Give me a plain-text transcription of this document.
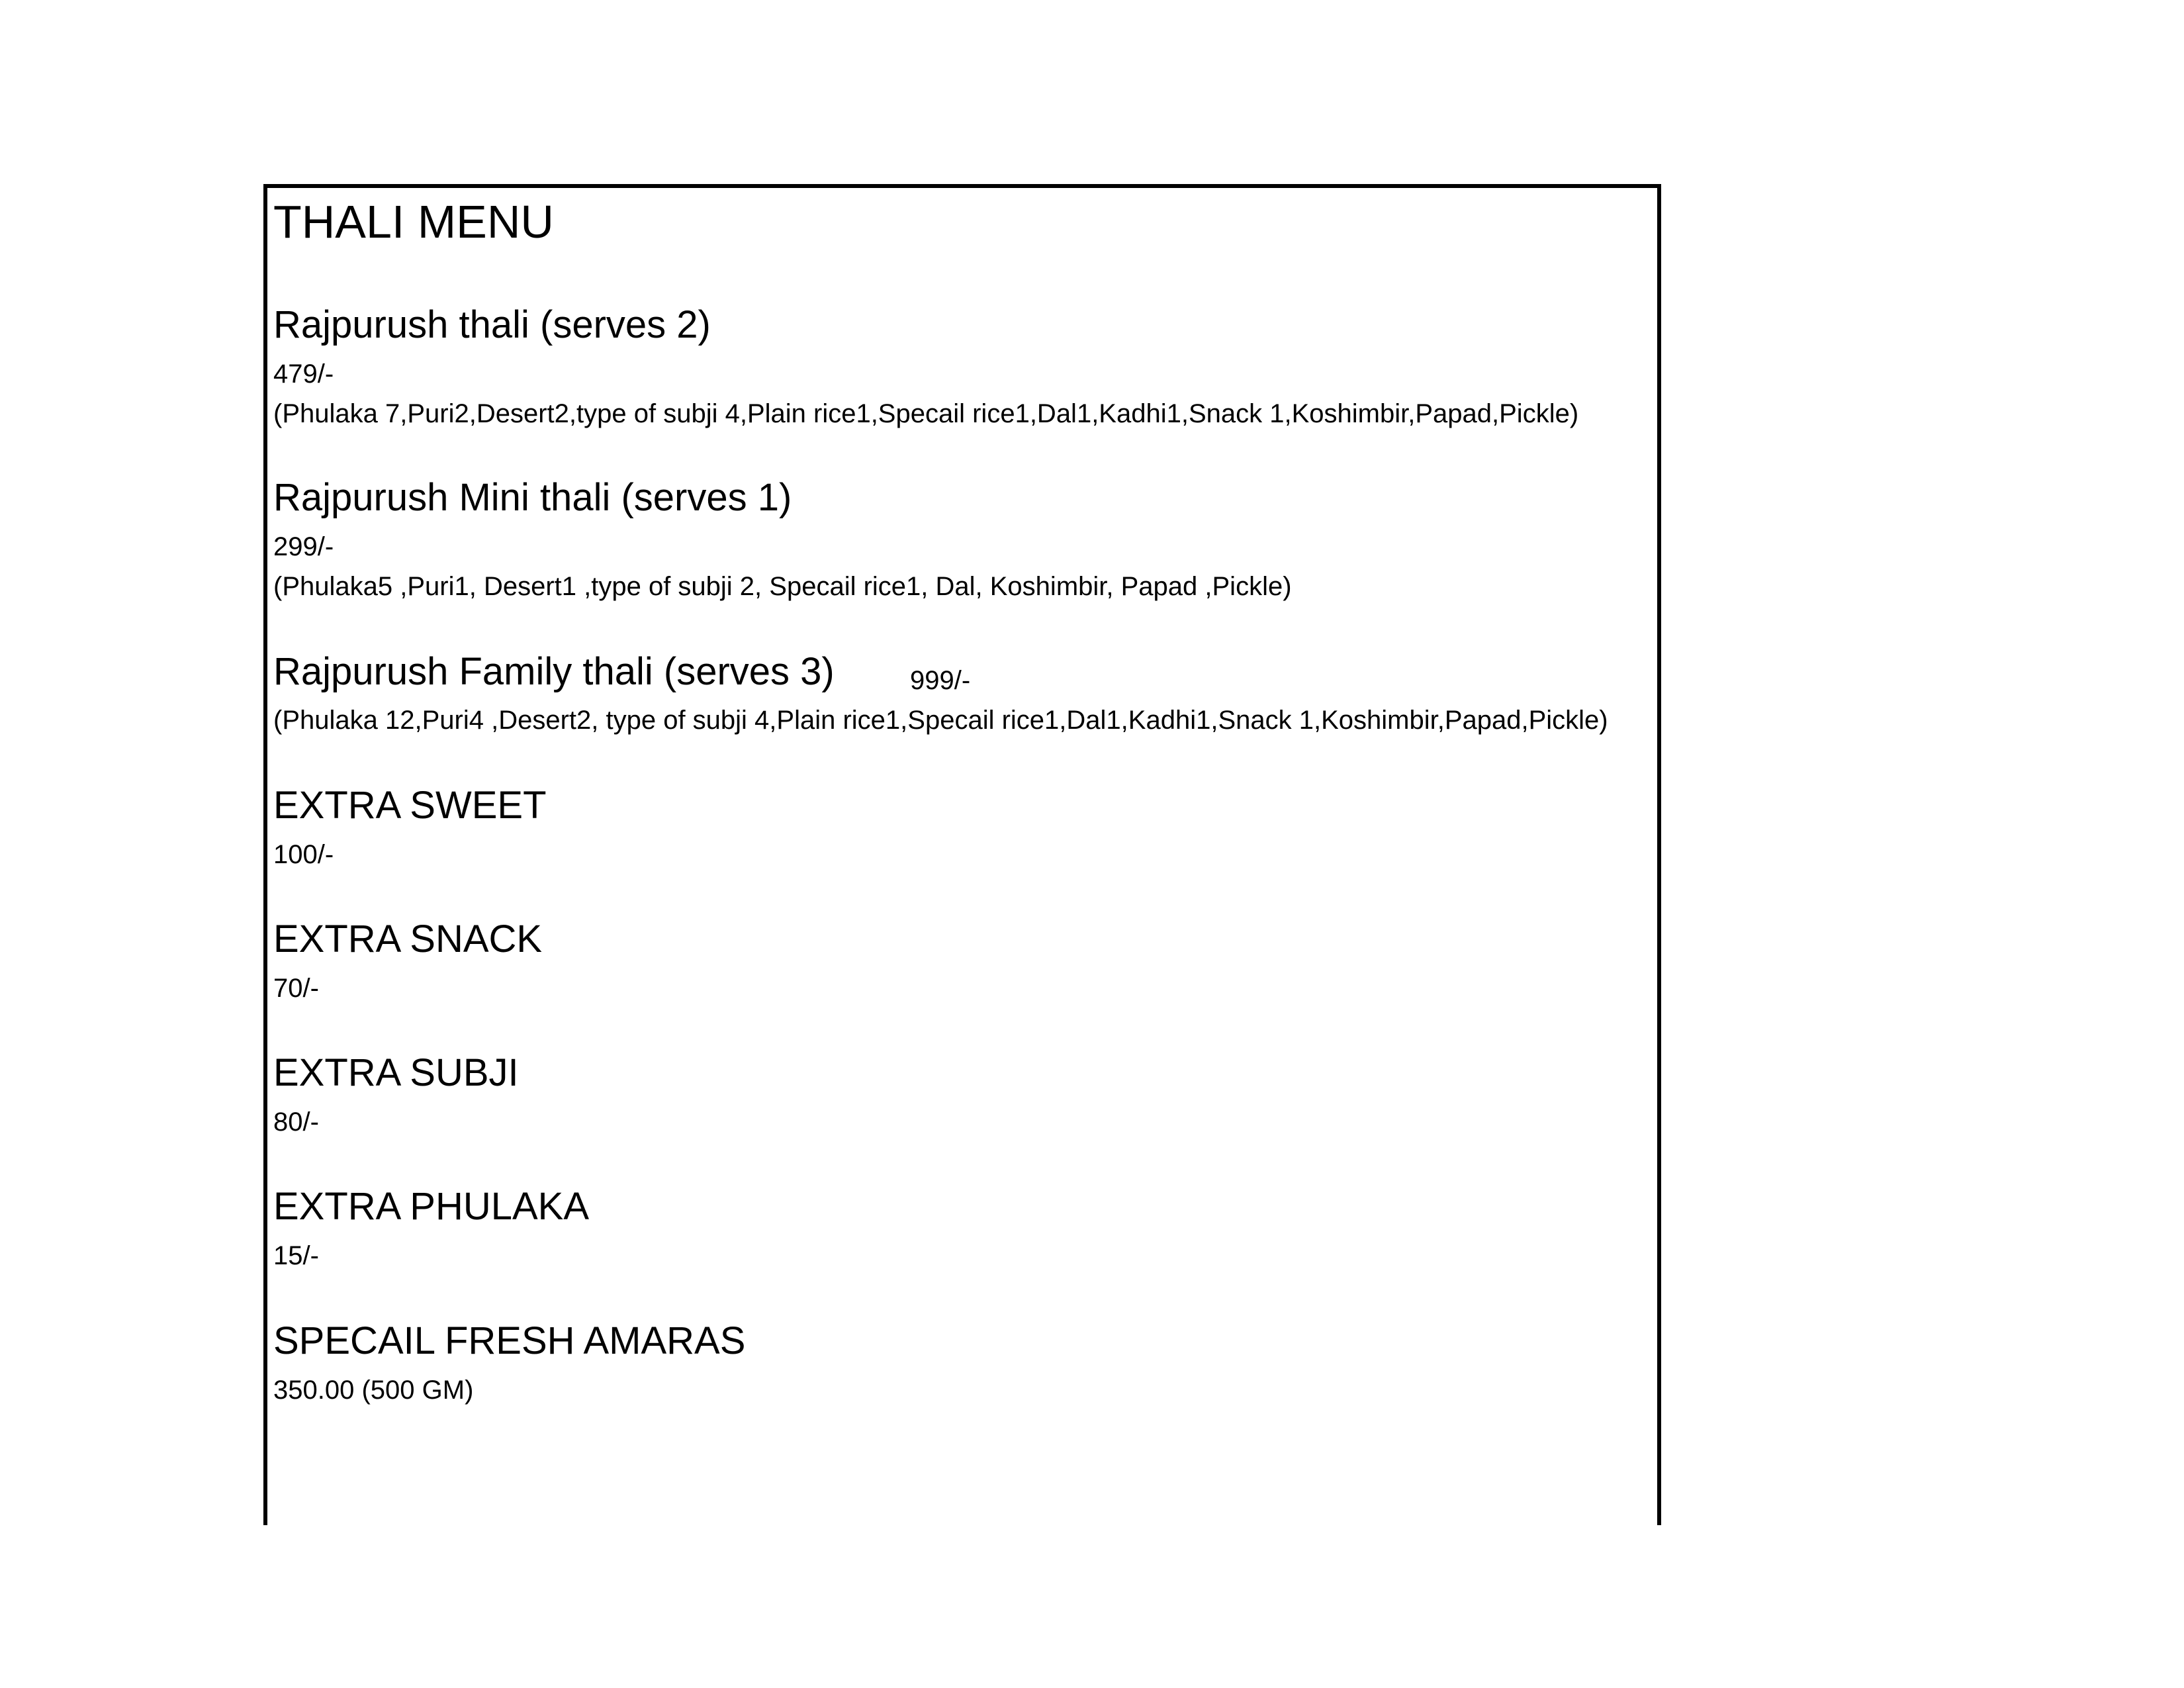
THALI MENU
Rajpurush thali (serves 2)
479/-
(Phulaka 7,Puri2,Desert2,type of subji 4,Plain rice1,Specail rice1,Dal1,Kadhi1,Snack 1,Koshimbir,Papad,Pickle)
Rajpurush Mini thali (serves 1)
299/-
(Phulaka5 ,Puri1, Desert1 ,type of subji 2, Specail rice1, Dal, Koshimbir, Papad ,Pickle)
Rajpurush Family thali (serves 3)	999/-
(Phulaka 12,Puri4 ,Desert2, type of subji 4,Plain rice1,Specail rice1,Dal1,Kadhi1,Snack 1,Koshimbir,Papad,Pickle)
EXTRA SWEET
100/-
EXTRA SNACK
70/-
EXTRA SUBJI
80/-
EXTRA PHULAKA
15/-
SPECAIL FRESH AMARAS
350.00 (500 GM)
